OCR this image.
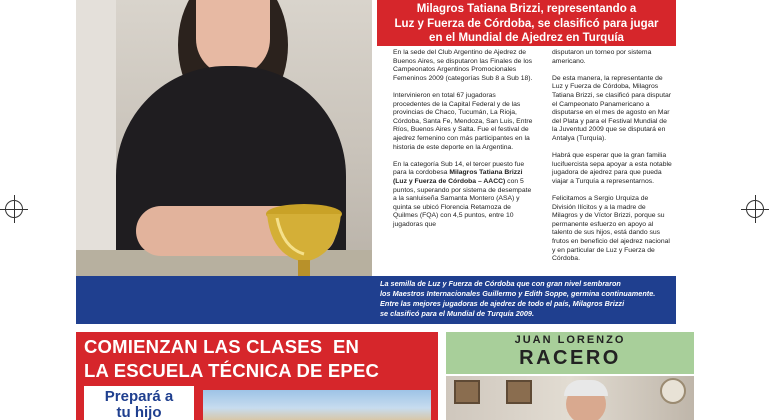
Milagros Tatiana Brizzi, representando a
Luz y Fuerza de Córdoba, se clasificó para jugar
en el Mundial de Ajedrez en Turquía

En la sede del Club Argentino de Ajedrez de Buenos Aires, se disputaron las Finales de los Campeonatos Argentinos Promocionales Femeninos 2009 (categorías Sub 8 a Sub 18).

Intervinieron en total 67 jugadoras procedentes de la Capital Federal y de las provincias de Chaco, Tucumán, La Rioja, Córdoba, Santa Fe, Mendoza, San Luis, Entre Ríos, Buenos Aires y Salta. Fue el festival de ajedrez femenino con más participantes en la historia de este deporte en la Argentina.

En la categoría Sub 14, el tercer puesto fue para la cordobesa Milagros Tatiana Brizzi (Luz y Fuerza de Córdoba – AACC) con 5 puntos, superando por sistema de desempate a la sanluiseña Samanta Montero (ASA) y quinta se ubicó Florencia Retamoza de Quilmes (FQA) con 4,5 puntos, entre 10 jugadoras que

disputaron un torneo por sistema americano.

De esta manera, la representante de Luz y Fuerza de Córdoba, Milagros Tatiana Brizzi, se clasificó para disputar el Campeonato Panamericano a disputarse en el mes de agosto en Mar del Plata y para el Festival Mundial de la Juventud 2009 que se disputará en Antalya (Turquía).

Habrá que esperar que la gran familia lucifuercista sepa apoyar a esta notable jugadora de ajedrez para que pueda viajar a Turquía a representarnos.

Felicitamos a Sergio Urquiza de División Ilícitos y a la madre de Milagros y de Víctor Brizzi, porque su permanente esfuerzo en apoyo al talento de sus hijos, está dando sus frutos en beneficio del ajedrez nacional y en particular de Luz y Fuerza de Córdoba.

La semilla de Luz y Fuerza de Córdoba que con gran nivel sembraron
los Maestros Internacionales Guillermo y Edith Soppe, germina continuamente.
Entre las mejores jugadoras de ajedrez de todo el país, Milagros Brizzi
se clasificó para el Mundial de Turquía 2009.
COMIENZAN LAS CLASES  EN
LA ESCUELA TÉCNICA DE EPEC
Prepará a
tu hijo
JUAN LORENZO
RACERO
